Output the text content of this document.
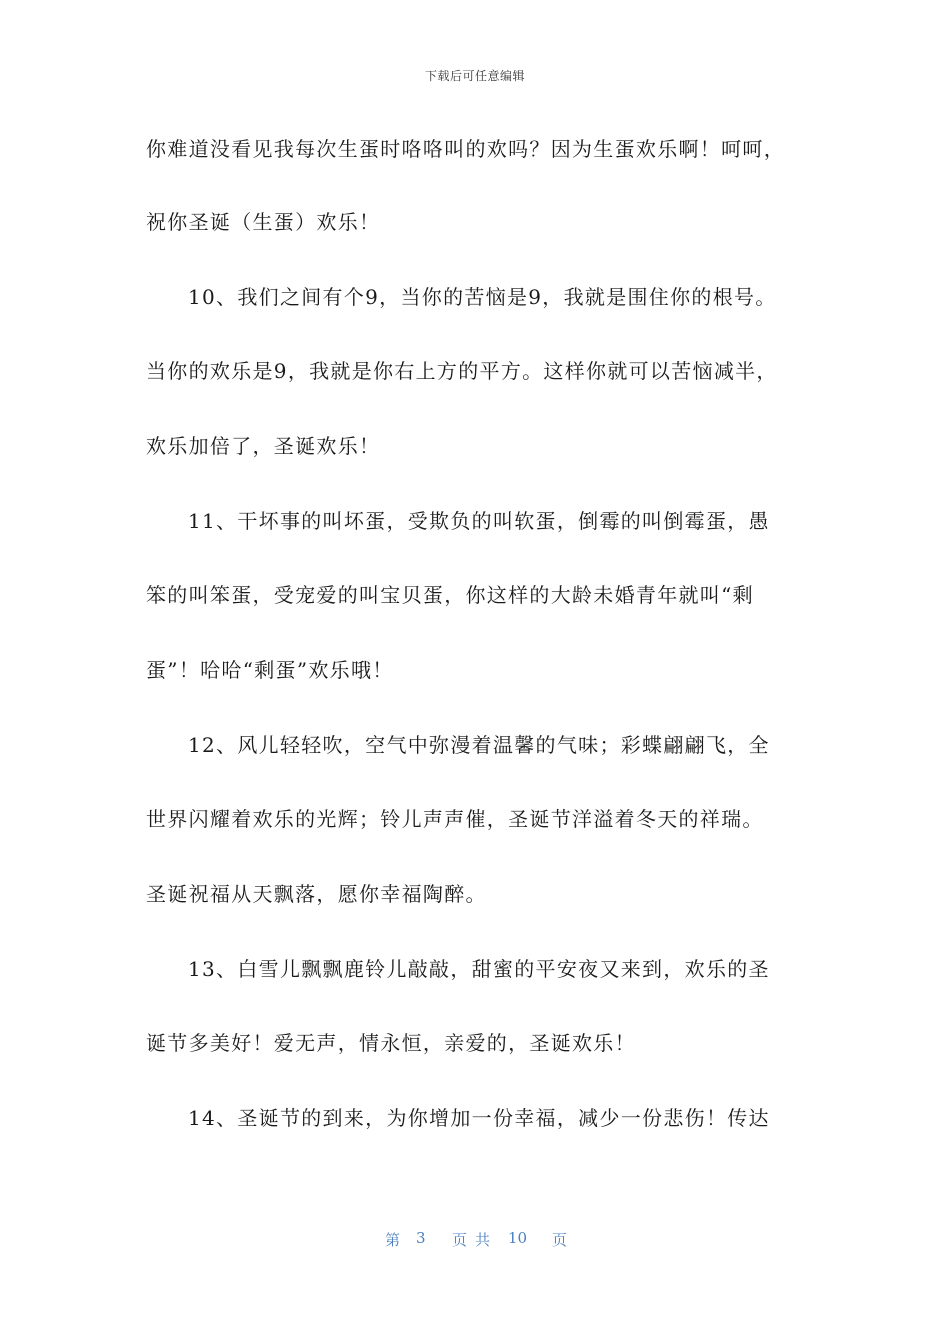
下载后可任意编辑
你难道没看见我每次生蛋时咯咯叫的欢吗？因为生蛋欢乐啊！呵呵，
祝你圣诞（生蛋）欢乐！
10、我们之间有个9，当你的苦恼是9，我就是围住你的根号。
当你的欢乐是9，我就是你右上方的平方。这样你就可以苦恼减半，
欢乐加倍了，圣诞欢乐！
11、干坏事的叫坏蛋，受欺负的叫软蛋，倒霉的叫倒霉蛋，愚
笨的叫笨蛋，受宠爱的叫宝贝蛋，你这样的大龄未婚青年就叫“剩
蛋”！哈哈“剩蛋”欢乐哦！
12、风儿轻轻吹，空气中弥漫着温馨的气味；彩蝶翩翩飞，全
世界闪耀着欢乐的光辉；铃儿声声催，圣诞节洋溢着冬天的祥瑞。
圣诞祝福从天飘落，愿你幸福陶醉。
13、白雪儿飘飘鹿铃儿敲敲，甜蜜的平安夜又来到，欢乐的圣
诞节多美好！爱无声，情永恒，亲爱的，圣诞欢乐！
14、圣诞节的到来，为你增加一份幸福，减少一份悲伤！传达
第 3 页共 10 页
